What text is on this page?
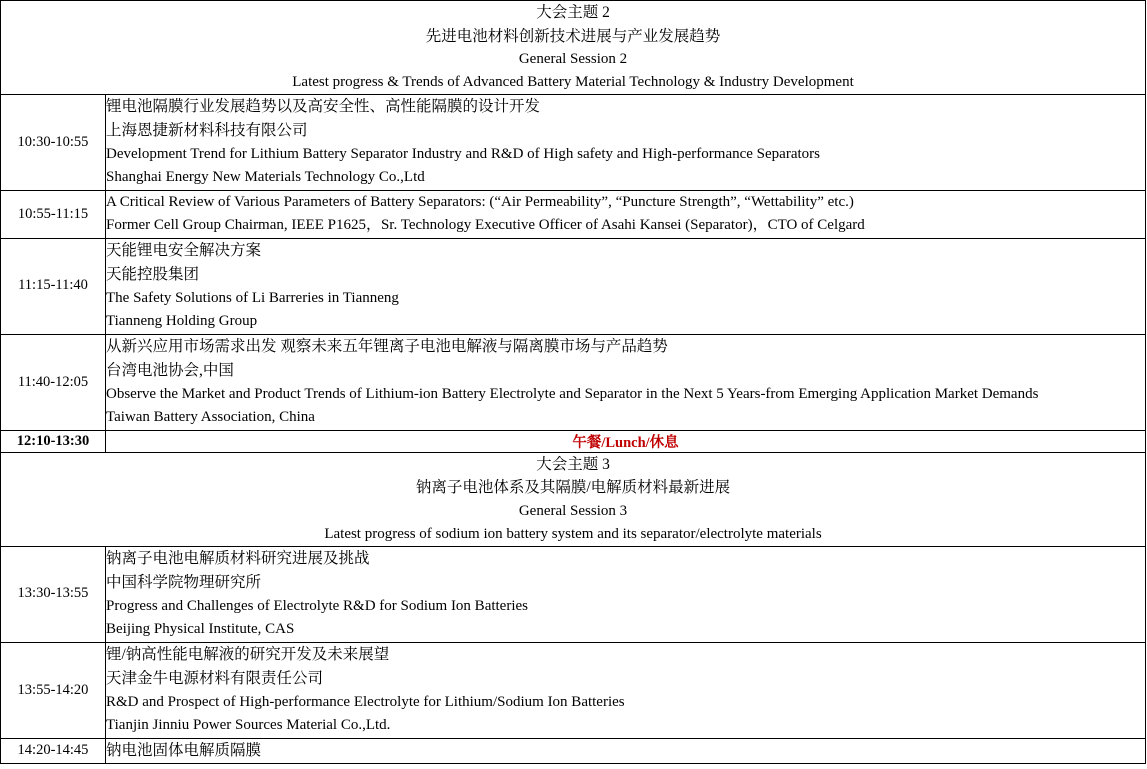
大会主题 2
先进电池材料创新技术进展与产业发展趋势
General Session 2
Latest progress & Trends of Advanced Battery Material Technology & Industry Development	

10:30-10:55	锂电池隔膜行业发展趋势以及高安全性、高性能隔膜的设计开发
上海恩捷新材料科技有限公司
Development Trend for Lithium Battery Separator Industry and R&D of High safety and High-performance Separators
Shanghai Energy New Materials Technology Co.,Ltd

10:55-11:15	A Critical Review of Various Parameters of Battery Separators: (“Air Permeability”, “Puncture Strength”, “Wettability” etc.)
Former Cell Group Chairman, IEEE P1625，Sr. Technology Executive Officer of Asahi Kansei (Separator)，CTO of Celgard

11:15-11:40	天能锂电安全解决方案
天能控股集团
The Safety Solutions of Li Barreries in Tianneng
Tianneng Holding Group

11:40-12:05	从新兴应用市场需求出发 观察未来五年锂离子电池电解液与隔离膜市场与产品趋势
台湾电池协会,中国
Observe the Market and Product Trends of Lithium-ion Battery Electrolyte and Separator in the Next 5 Years-from Emerging Application Market Demands
Taiwan Battery Association, China

12:10-13:30	午餐/Lunch/休息

大会主题 3
钠离子电池体系及其隔膜/电解质材料最新进展
General Session 3
Latest progress of sodium ion battery system and its separator/electrolyte materials	

13:30-13:55	钠离子电池电解质材料研究进展及挑战
中国科学院物理研究所
Progress and Challenges of Electrolyte R&D for Sodium Ion Batteries
Beijing Physical Institute, CAS

13:55-14:20	锂/钠高性能电解液的研究开发及未来展望
天津金牛电源材料有限责任公司
R&D and Prospect of High-performance Electrolyte for Lithium/Sodium Ion Batteries
Tianjin Jinniu Power Sources Material Co.,Ltd.

14:20-14:45	钠电池固体电解质隔膜
